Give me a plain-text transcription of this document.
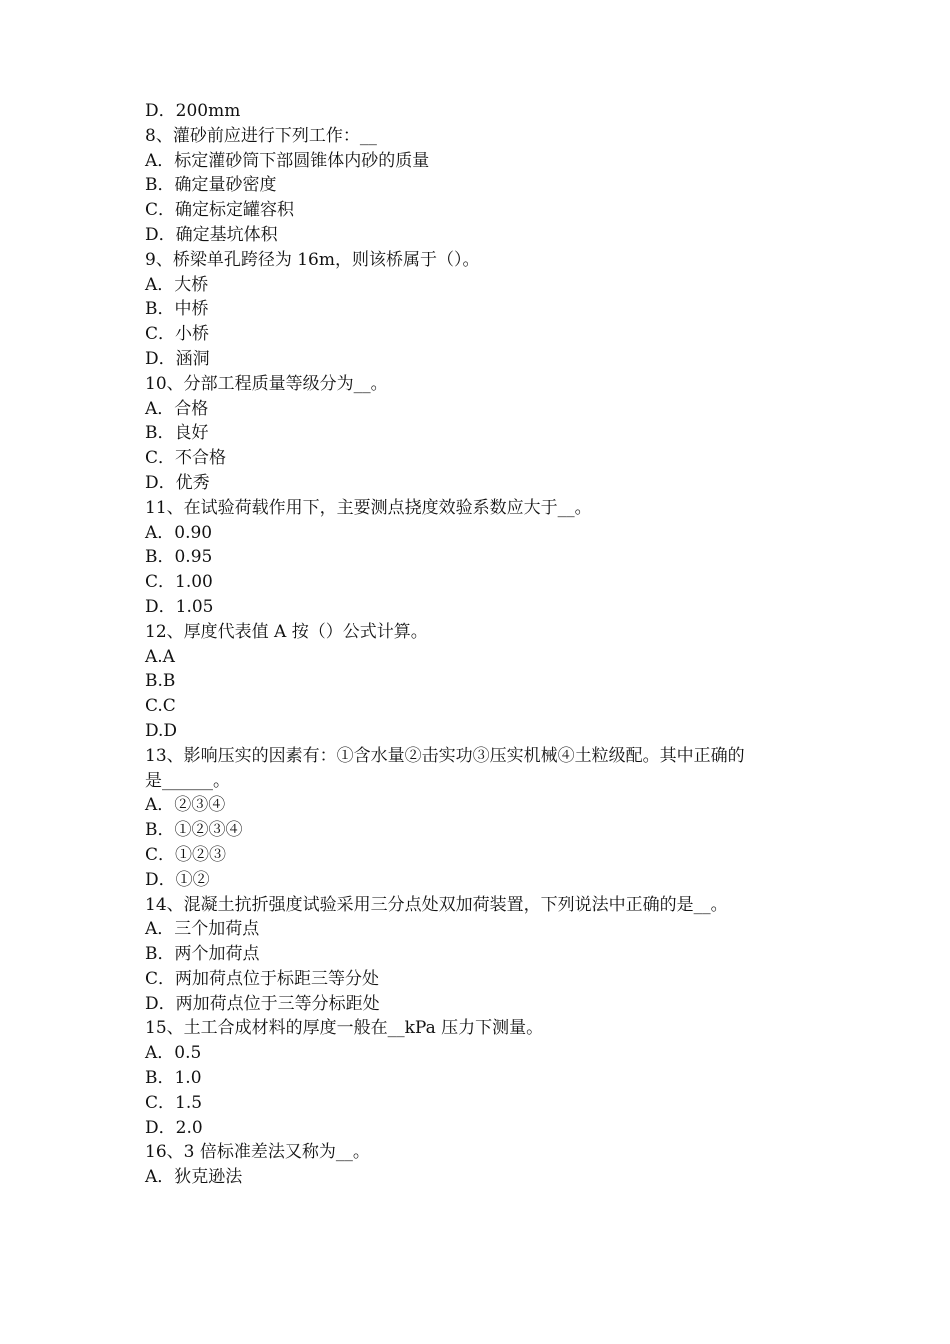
D．200mm
8、灌砂前应进行下列工作：__
A．标定灌砂筒下部圆锥体内砂的质量
B．确定量砂密度
C．确定标定罐容积
D．确定基坑体积
9、桥梁单孔跨径为 16m，则该桥属于（）。
A．大桥
B．中桥
C．小桥
D．涵洞
10、分部工程质量等级分为__。
A．合格
B．良好
C．不合格
D．优秀
11、在试验荷载作用下，主要测点挠度效验系数应大于__。
A．0.90
B．0.95
C．1.00
D．1.05
12、厚度代表值 A 按（）公式计算。
A.A
B.B
C.C
D.D
13、影响压实的因素有：①含水量②击实功③压实机械④土粒级配。其中正确的
是______。
A．②③④
B．①②③④
C．①②③
D．①②
14、混凝土抗折强度试验采用三分点处双加荷装置，下列说法中正确的是__。
A．三个加荷点
B．两个加荷点
C．两加荷点位于标距三等分处
D．两加荷点位于三等分标距处
15、土工合成材料的厚度一般在__kPa 压力下测量。
A．0.5
B．1.0
C．1.5
D．2.0
16、3 倍标准差法又称为__。
A．狄克逊法
